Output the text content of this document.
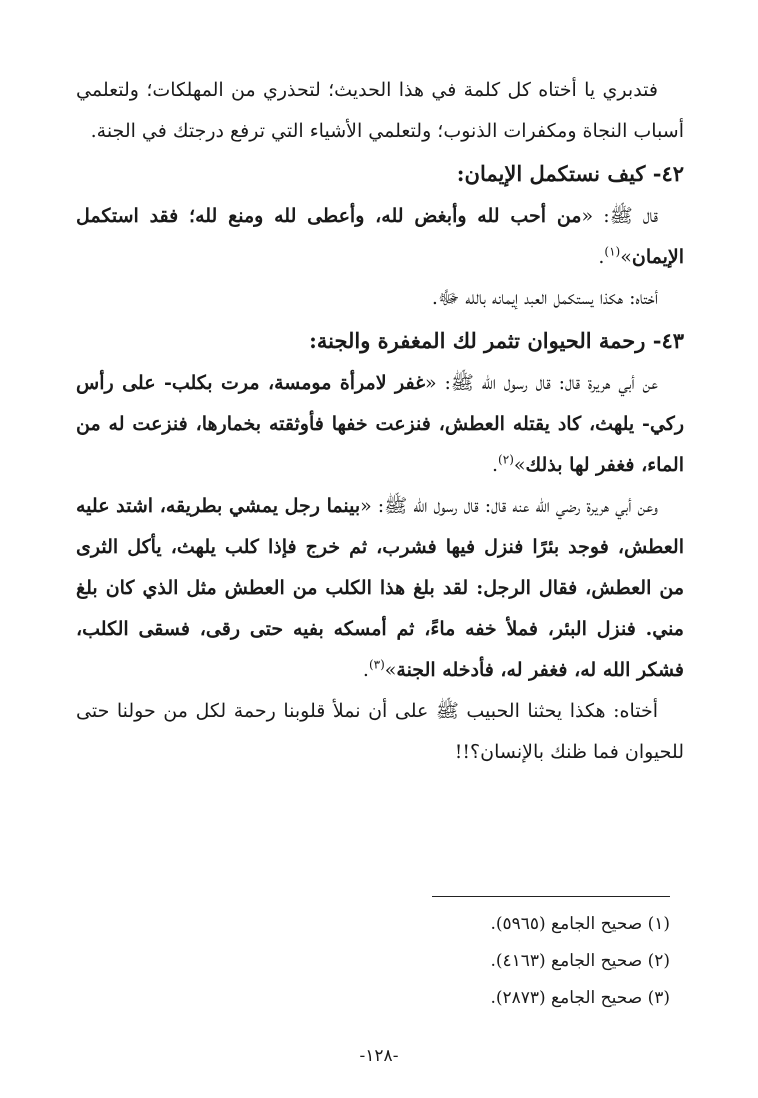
فتدبري يا أختاه كل كلمة في هذا الحديث؛ لتحذري من المهلكات؛ ولتعلمي أسباب النجاة ومكفرات الذنوب؛ ولتعلمي الأشياء التي ترفع درجتك في الجنة.

٤٢- كيف نستكمل الإيمان:

قال ﷺ: «من أحب لله وأبغض لله، وأعطى لله ومنع لله؛ فقد استكمل الإيمان»$^{(١)}$.

أختاه: هكذا يستكمل العبد إيمانه بالله ﷻ.

٤٣- رحمة الحيوان تثمر لك المغفرة والجنة:

عن أبي هريرة قال: قال رسول الله ﷺ: «غفر لامرأة مومسة، مرت بكلب- على رأس ركي- يلهث، كاد يقتله العطش، فنزعت خفها فأوثقته بخمارها، فنزعت له من الماء، فغفر لها بذلك»$^{(٢)}$.

وعن أبي هريرة رضي الله عنه قال: قال رسول الله ﷺ: «بينما رجل يمشي بطريقه، اشتد عليه العطش، فوجد بئرًا فنزل فيها فشرب، ثم خرج فإذا كلب يلهث، يأكل الثرى من العطش، فقال الرجل: لقد بلغ هذا الكلب من العطش مثل الذي كان بلغ مني. فنزل البئر، فملأ خفه ماءً، ثم أمسكه بفيه حتى رقى، فسقى الكلب، فشكر الله له، فغفر له، فأدخله الجنة»$^{(٣)}$.

أختاه: هكذا يحثنا الحبيب ﷺ على أن نملأ قلوبنا رحمة لكل من حولنا حتى للحيوان فما ظنك بالإنسان؟!!

(١) صحيح الجامع (٥٩٦٥).

(٢) صحيح الجامع (٤١٦٣).

(٣) صحيح الجامع (٢٨٧٣).

-١٢٨-
